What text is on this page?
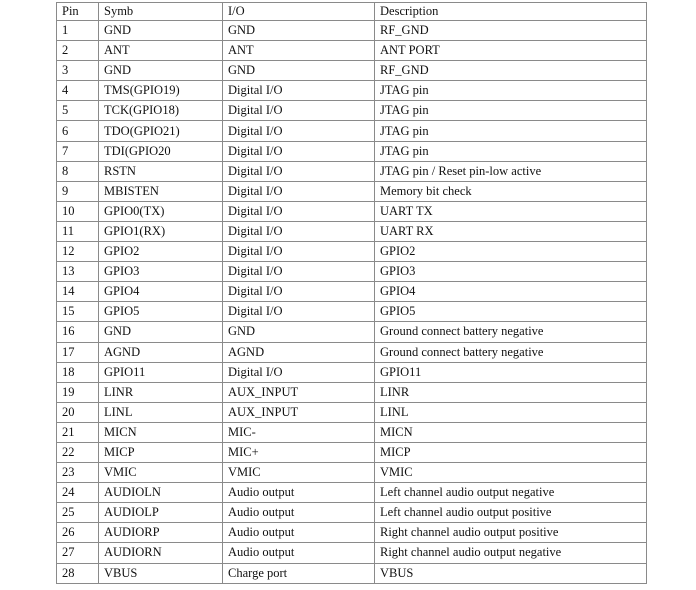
Pin	Symb	I/O	Description
1	GND	GND	RF_GND
2	ANT	ANT	ANT PORT
3	GND	GND	RF_GND
4	TMS(GPIO19)	Digital I/O	JTAG pin
5	TCK(GPIO18)	Digital I/O	JTAG pin
6	TDO(GPIO21)	Digital I/O	JTAG pin
7	TDI(GPIO20	Digital I/O	JTAG pin
8	RSTN	Digital I/O	JTAG pin / Reset pin-low active
9	MBISTEN	Digital I/O	Memory bit check
10	GPIO0(TX)	Digital I/O	UART TX
11	GPIO1(RX)	Digital I/O	UART RX
12	GPIO2	Digital I/O	GPIO2
13	GPIO3	Digital I/O	GPIO3
14	GPIO4	Digital I/O	GPIO4
15	GPIO5	Digital I/O	GPIO5
16	GND	GND	Ground connect battery negative
17	AGND	AGND	Ground connect battery negative
18	GPIO11	Digital I/O	GPIO11
19	LINR	AUX_INPUT	LINR
20	LINL	AUX_INPUT	LINL
21	MICN	MIC-	MICN
22	MICP	MIC+	MICP
23	VMIC	VMIC	VMIC
24	AUDIOLN	Audio output	Left channel audio output negative
25	AUDIOLP	Audio output	Left channel audio output positive
26	AUDIORP	Audio output	Right channel audio output positive
27	AUDIORN	Audio output	Right channel audio output negative
28	VBUS	Charge port	VBUS
